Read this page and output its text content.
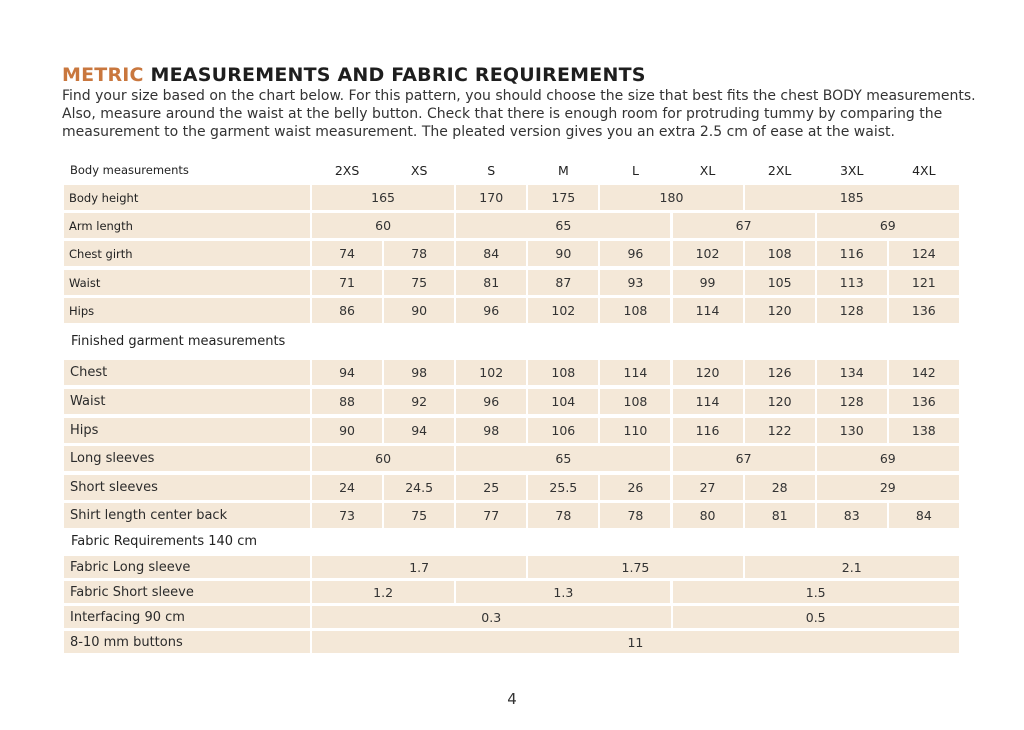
METRIC MEASUREMENTS AND FABRIC REQUIREMENTS
Find your size based on the chart below. For this pattern, you should choose the size that best fits the chest BODY measurements.
Also, measure around the waist at the belly button. Check that there is enough room for protruding tummy by comparing the
measurement to the garment waist measurement. The pleated version gives you an extra 2.5 cm of ease at the waist.
Body measurements	2XS	XS	S	M	L	XL	2XL	3XL	4XL
Body height	165	170	175	180	185
Arm length	60	65	67	69
Chest girth	74	78	84	90	96	102	108	116	124
Waist	71	75	81	87	93	99	105	113	121
Hips	86	90	96	102	108	114	120	128	136
Chest	94	98	102	108	114	120	126	134	142
Waist	88	92	96	104	108	114	120	128	136
Hips	90	94	98	106	110	116	122	130	138
Long sleeves	60	65	67	69
Short sleeves	24	24.5	25	25.5	26	27	28	29
Shirt length center back	73	75	77	78	78	80	81	83	84
Fabric Long sleeve	1.7	1.75	2.1
Fabric Short sleeve	1.2	1.3	1.5
Interfacing 90 cm	0.3	0.5
8-10 mm buttons	11
Finished garment measurements
Fabric Requirements 140 cm
4
